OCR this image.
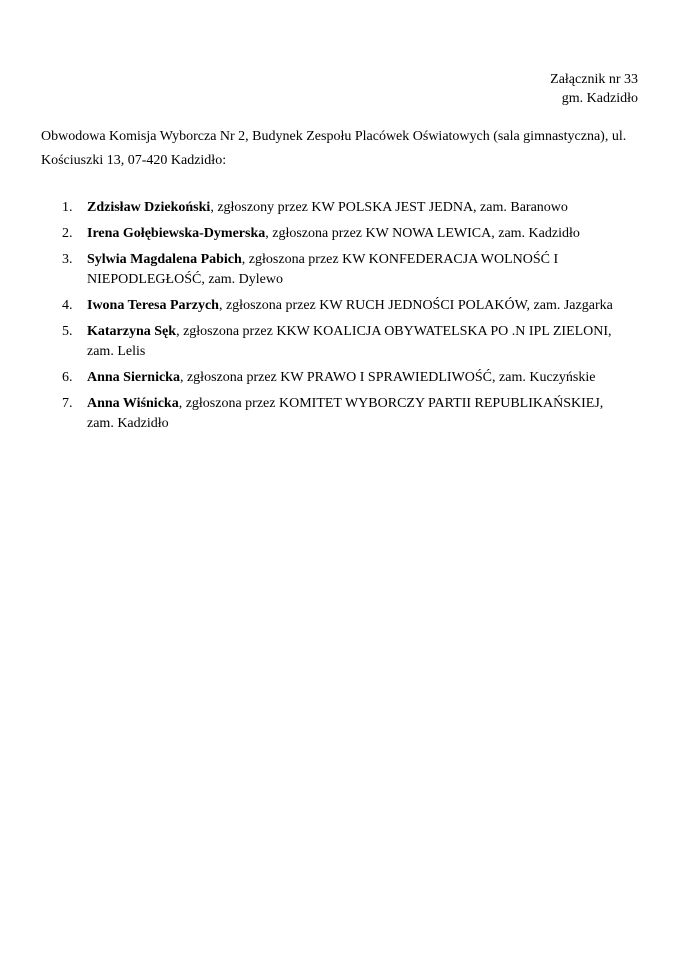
Załącznik nr 33
gm. Kadzidło
Obwodowa Komisja Wyborcza Nr 2, Budynek Zespołu Placówek Oświatowych (sala gimnastyczna), ul. Kościuszki 13, 07-420 Kadzidło:
1.	Zdzisław Dziekoński, zgłoszony przez KW POLSKA JEST JEDNA, zam. Baranowo
2.	Irena Gołębiewska-Dymerska, zgłoszona przez KW NOWA LEWICA, zam. Kadzidło
3.	Sylwia Magdalena Pabich, zgłoszona przez KW KONFEDERACJA WOLNOŚĆ I NIEPODLEGŁOŚĆ, zam. Dylewo
4.	Iwona Teresa Parzych, zgłoszona przez KW RUCH JEDNOŚCI POLAKÓW, zam. Jazgarka
5.	Katarzyna Sęk, zgłoszona przez KKW KOALICJA OBYWATELSKA PO .N IPL ZIELONI, zam. Lelis
6.	Anna Siernicka, zgłoszona przez KW PRAWO I SPRAWIEDLIWOŚĆ, zam. Kuczyńskie
7.	Anna Wiśnicka, zgłoszona przez KOMITET WYBORCZY PARTII REPUBLIKAŃSKIEJ, zam. Kadzidło
